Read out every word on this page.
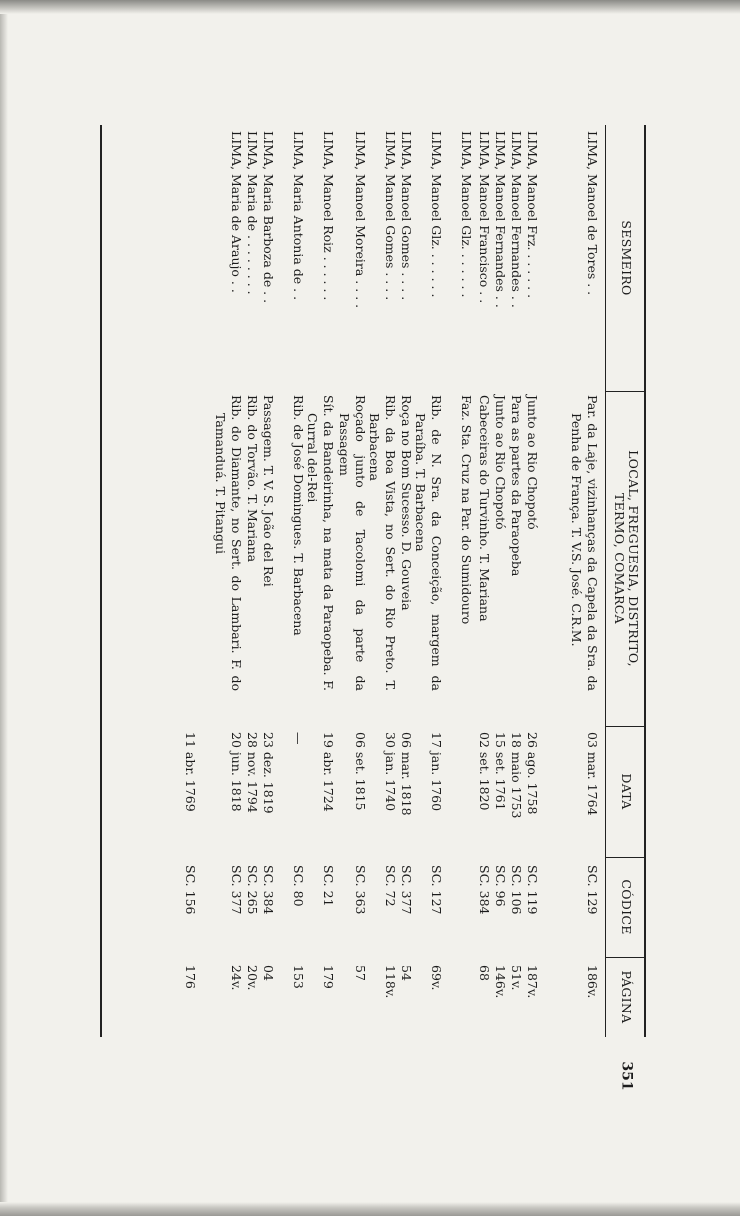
SESMEIRO
LOCAL, FREGUESIA, DISTRITO,
TERMO, COMARCA
DATA
CÓDICE
PÁGINA
LIMA, Manoel de Tores . .
Par. da Laje, vizinhanças da Capela da Sra. da Penha de França. T. V.S. José. C.R.M.
03 mar. 1764
SC. 129
186v.
LIMA, Manoel Frz. . . . . . .
Junto ao Rio Chopotó
26 ago. 1758
SC. 119
187v.
LIMA, Manoel Fernandes . .
Para as partes da Paraopeba
18 maio 1753
SC. 106
51v.
LIMA, Manoel Fernandes . .
Junto ao Rio Chopotó
15 set. 1761
SC. 96
146v.
LIMA, Manoel Francisco . .
Cabeceiras do Turvinho. T. Mariana
02 set. 1820
SC. 384
68
LIMA, Manoel Glz. . . . . . .
Faz. Sta. Cruz na Par. do Sumidouro
LIMA, Manoel Glz. . . . . . .
Rib. de N. Sra. da Conceição, margem da Paraíba. T. Barbacena
17 jan. 1760
SC. 127
69v.
LIMA, Manoel Gomes . . . .
Roça no Bom Sucesso. D. Gouveia
06 mar. 1818
SC. 377
54
LIMA, Manoel Gomes . . . .
Rib. da Boa Vista, no Sert. do Rio Preto. T. Barbacena
30 jan. 1740
SC. 72
118v.
LIMA, Manoel Moreira . . . .
Roçado junto de Tacolomi da parte da Passagem
06 set. 1815
SC. 363
57
LIMA, Manoel Roiz . . . . . .
Sít. da Bandeirinha, na mata da Paraopeba. F. Curral del-Rei
19 abr. 1724
SC. 21
179
LIMA, Maria Antonia de . .
Rib. de José Domingues. T. Barbacena
—
SC. 80
153
LIMA, Maria Barboza de . .
Passagem. T. V. S. João del Rei
23 dez. 1819
SC. 384
04
LIMA, Maria de . . . . . . . .
Rib. do Torvão. T. Mariana
28 nov. 1794
SC. 265
20v.
LIMA, Maria de Araujo . .
Rib. do Diamante, no Sert. do Lambari. F. do Tamanduá. T. Pitangui
20 jun. 1818
SC. 377
24v.
11 abr. 1769
SC. 156
176
351
